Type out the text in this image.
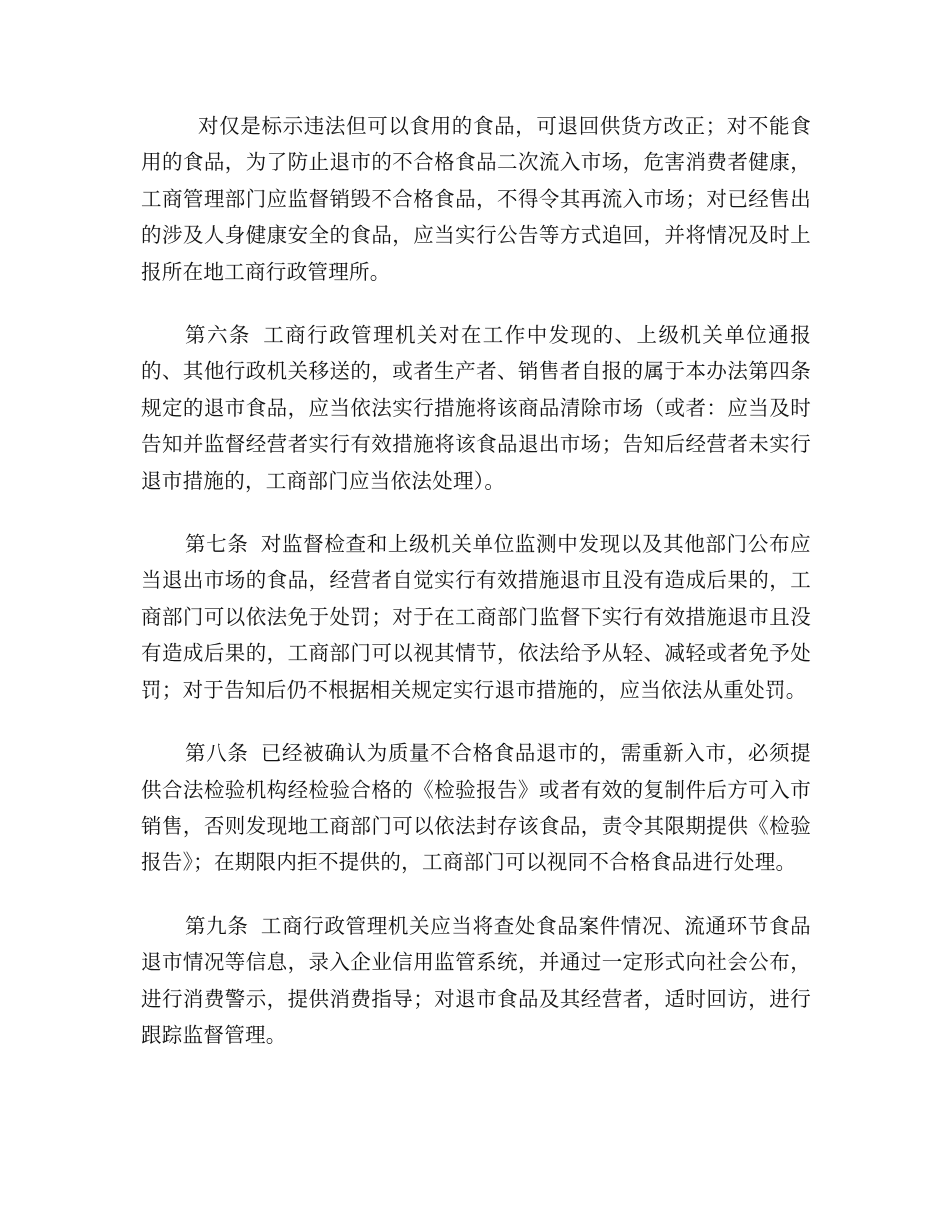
对仅是标示违法但可以食用的食品，可退回供货方改正；对不能食用的食品，为了防止退市的不合格食品二次流入市场，危害消费者健康，工商管理部门应监督销毁不合格食品，不得令其再流入市场；对已经售出的涉及人身健康安全的食品，应当实行公告等方式追回，并将情况及时上报所在地工商行政管理所。

第六条 工商行政管理机关对在工作中发现的、上级机关单位通报的、其他行政机关移送的，或者生产者、销售者自报的属于本办法第四条规定的退市食品，应当依法实行措施将该商品清除市场（或者：应当及时告知并监督经营者实行有效措施将该食品退出市场；告知后经营者未实行退市措施的，工商部门应当依法处理）。

第七条 对监督检查和上级机关单位监测中发现以及其他部门公布应当退出市场的食品，经营者自觉实行有效措施退市且没有造成后果的，工商部门可以依法免于处罚；对于在工商部门监督下实行有效措施退市且没有造成后果的，工商部门可以视其情节，依法给予从轻、减轻或者免予处罚；对于告知后仍不根据相关规定实行退市措施的，应当依法从重处罚。

第八条 已经被确认为质量不合格食品退市的，需重新入市，必须提供合法检验机构经检验合格的《检验报告》或者有效的复制件后方可入市销售，否则发现地工商部门可以依法封存该食品，责令其限期提供《检验报告》；在期限内拒不提供的，工商部门可以视同不合格食品进行处理。

第九条 工商行政管理机关应当将查处食品案件情况、流通环节食品退市情况等信息，录入企业信用监管系统，并通过一定形式向社会公布，进行消费警示，提供消费指导；对退市食品及其经营者，适时回访，进行跟踪监督管理。
